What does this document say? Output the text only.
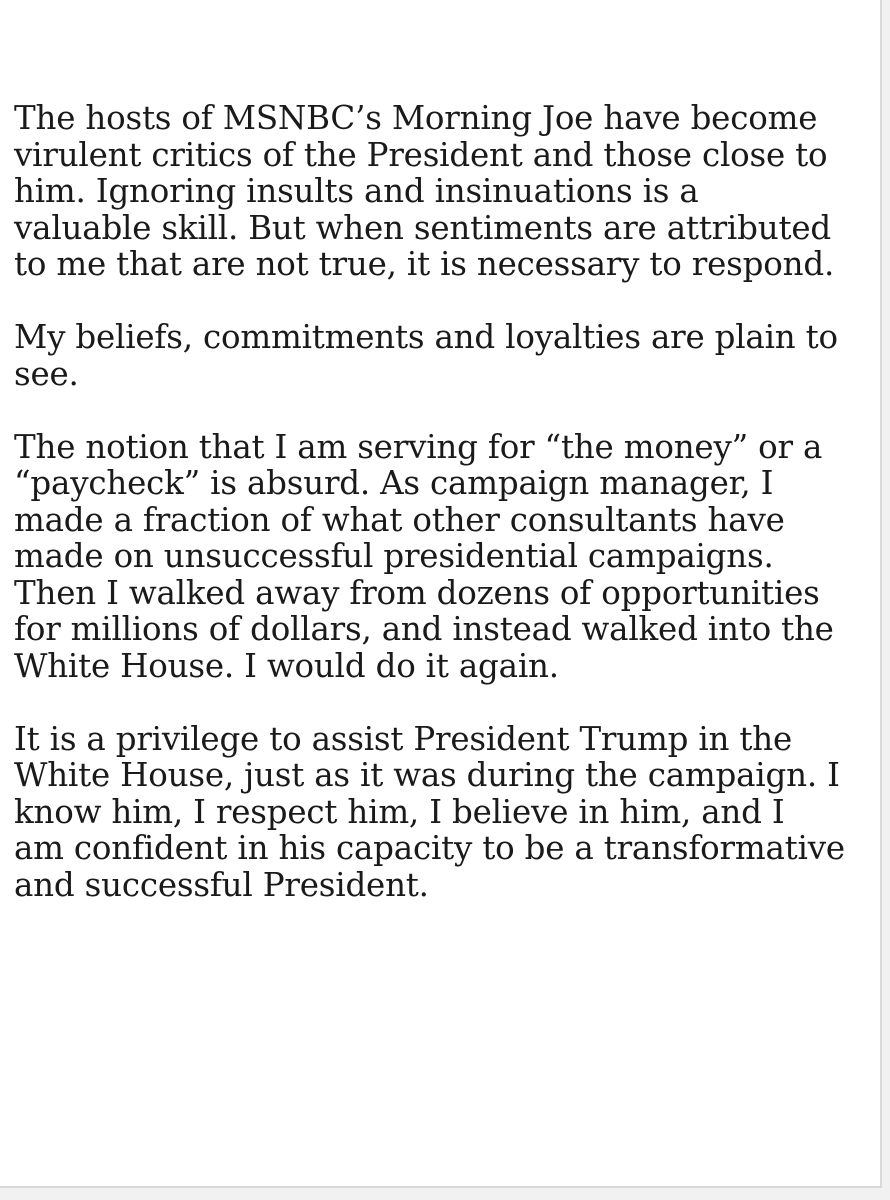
The hosts of MSNBC’s Morning Joe have become
virulent critics of the President and those close to
him. Ignoring insults and insinuations is a
valuable skill. But when sentiments are attributed
to me that are not true, it is necessary to respond.

My beliefs, commitments and loyalties are plain to
see.

The notion that I am serving for “the money” or a
“paycheck” is absurd. As campaign manager, I
made a fraction of what other consultants have
made on unsuccessful presidential campaigns.
Then I walked away from dozens of opportunities
for millions of dollars, and instead walked into the
White House. I would do it again.

It is a privilege to assist President Trump in the
White House, just as it was during the campaign. I
know him, I respect him, I believe in him, and I
am confident in his capacity to be a transformative
and successful President.
